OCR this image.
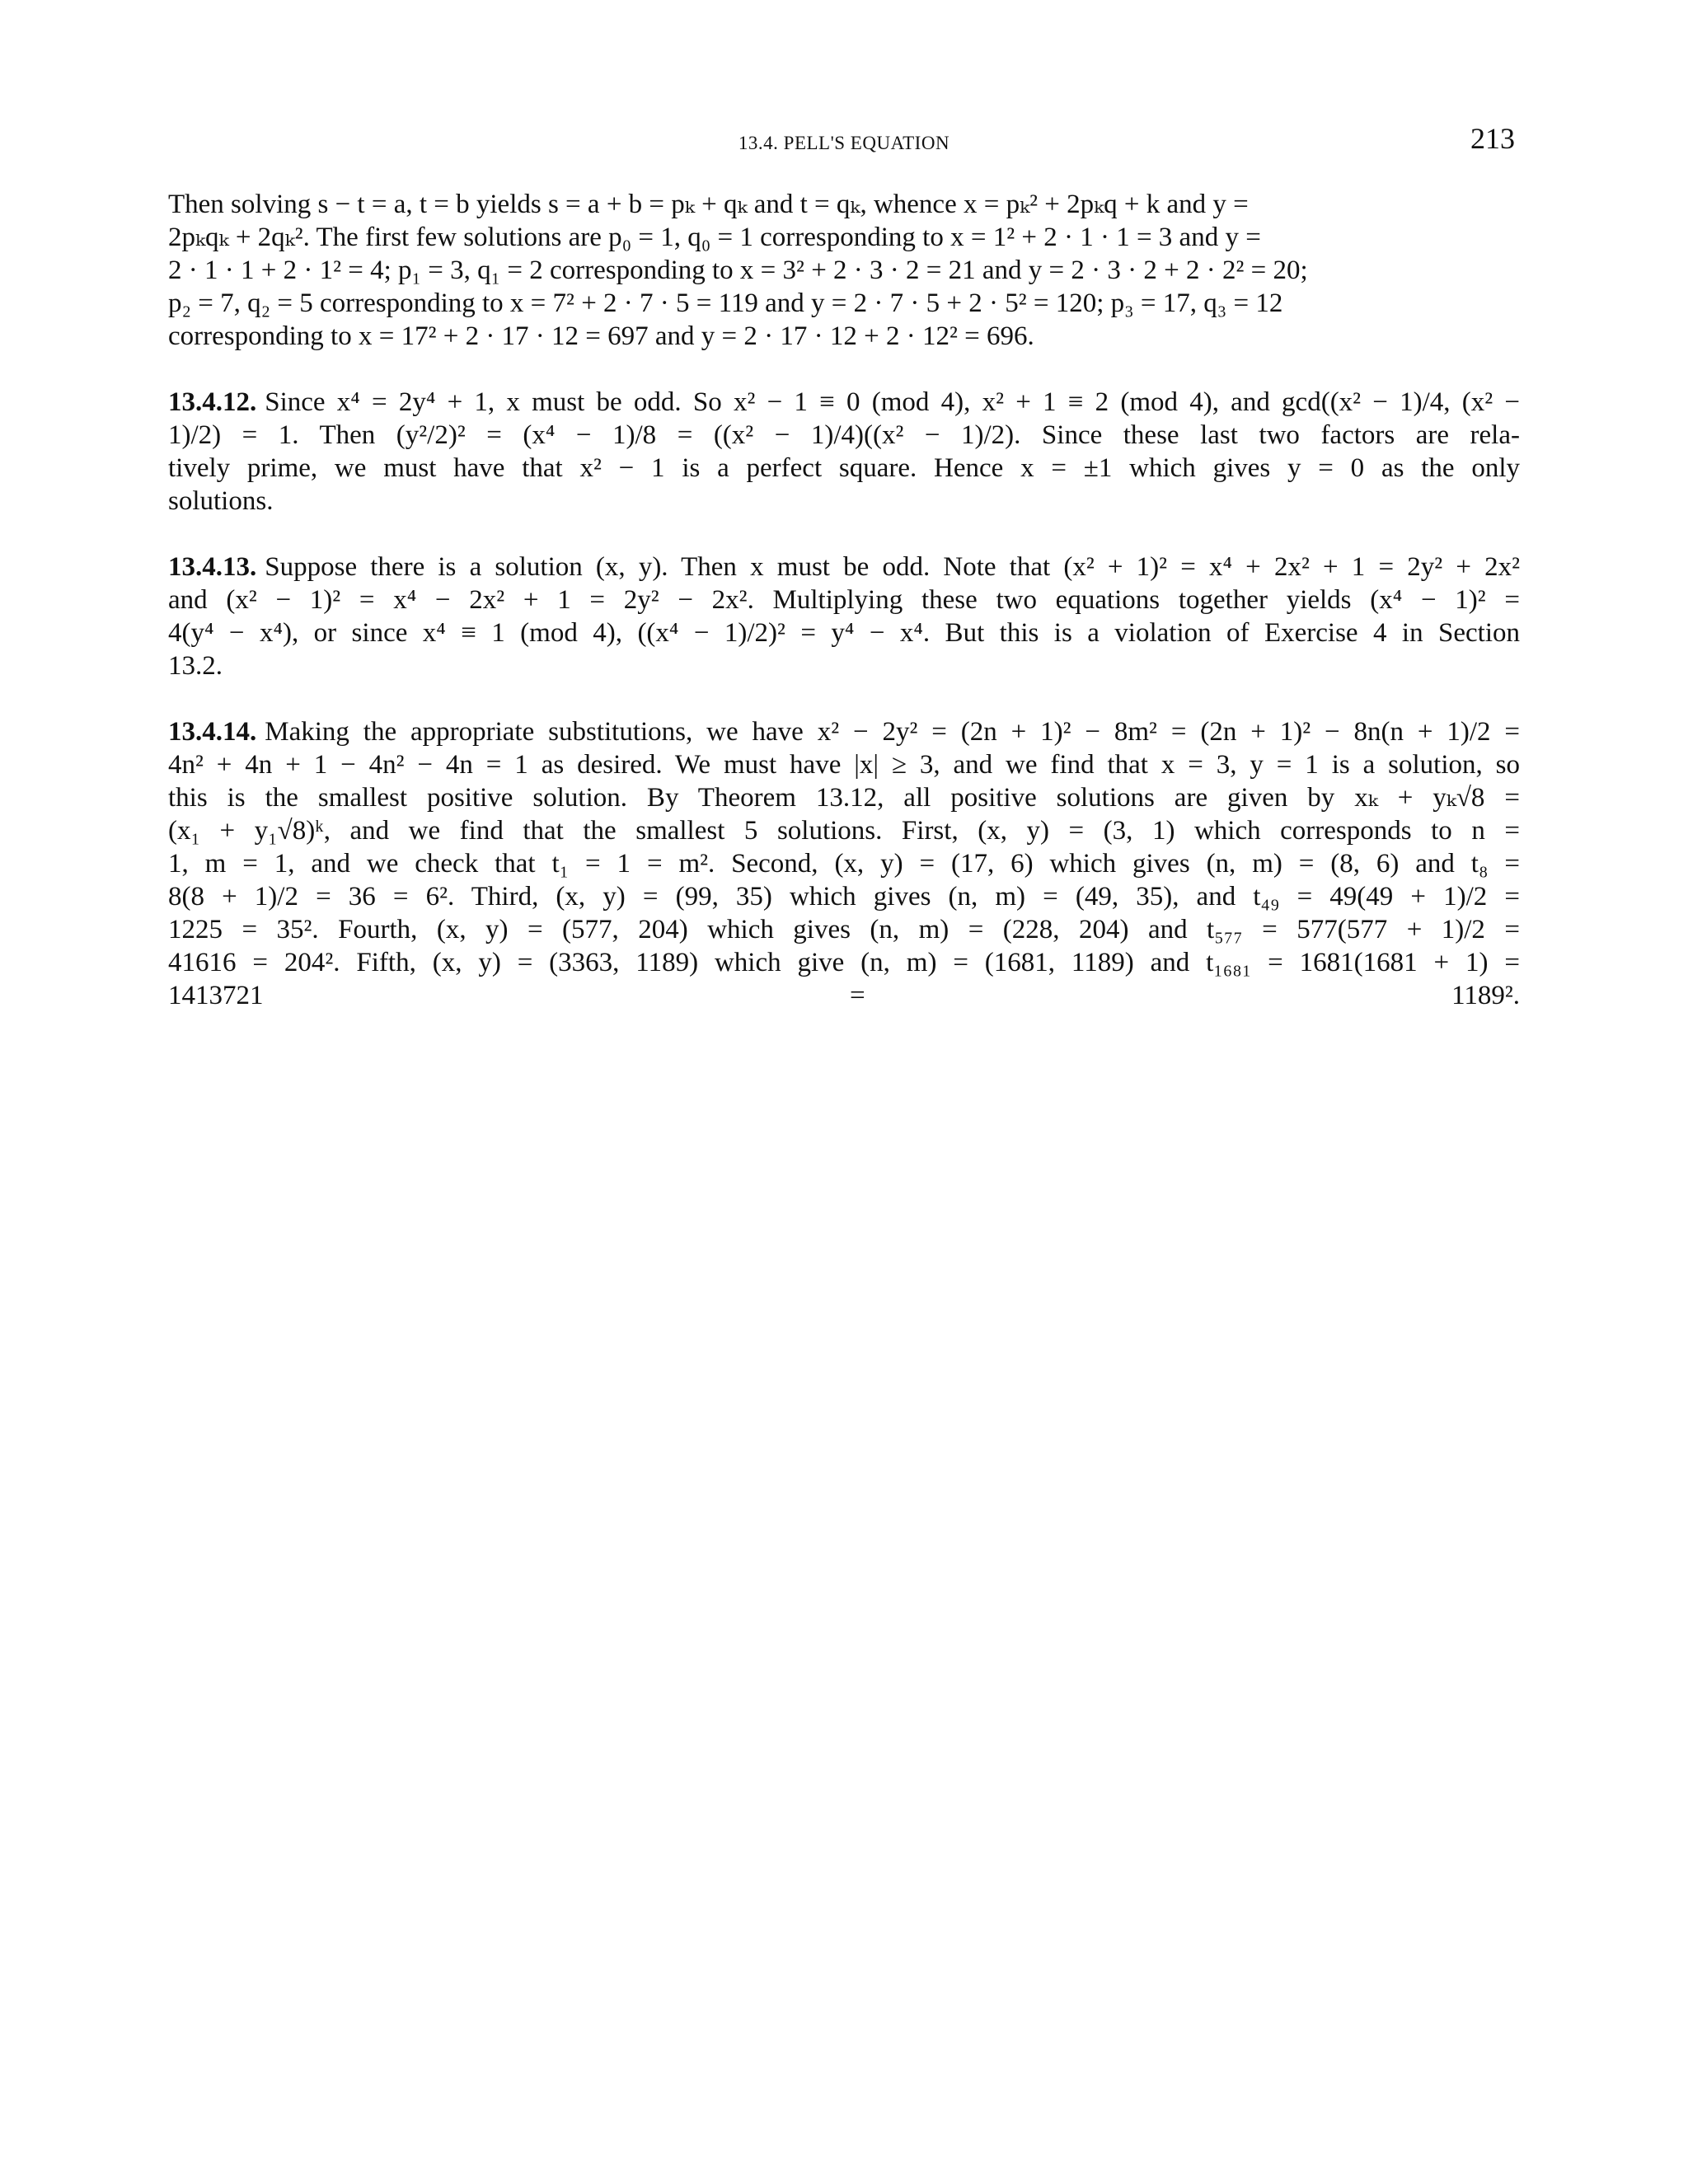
13.4. PELL'S EQUATION	213
Then solving s − t = a, t = b yields s = a + b = pₖ + qₖ and t = qₖ, whence x = pₖ² + 2pₖq + k and y =
2pₖqₖ + 2qₖ². The first few solutions are p₀ = 1, q₀ = 1 corresponding to x = 1² + 2 · 1 · 1 = 3 and y =
2 · 1 · 1 + 2 · 1² = 4; p₁ = 3, q₁ = 2 corresponding to x = 3² + 2 · 3 · 2 = 21 and y = 2 · 3 · 2 + 2 · 2² = 20;
p₂ = 7, q₂ = 5 corresponding to x = 7² + 2 · 7 · 5 = 119 and y = 2 · 7 · 5 + 2 · 5² = 120; p₃ = 17, q₃ = 12
corresponding to x = 17² + 2 · 17 · 12 = 697 and y = 2 · 17 · 12 + 2 · 12² = 696.
13.4.12. Since x⁴ = 2y⁴ + 1, x must be odd. So x² − 1 ≡ 0 (mod 4), x² + 1 ≡ 2 (mod 4), and gcd((x² − 1)/4, (x² −
1)/2) = 1. Then (y²/2)² = (x⁴ − 1)/8 = ((x² − 1)/4)((x² − 1)/2). Since these last two factors are rela-
tively prime, we must have that x² − 1 is a perfect square. Hence x = ±1 which gives y = 0 as the only
solutions.
13.4.13. Suppose there is a solution (x, y). Then x must be odd. Note that (x² + 1)² = x⁴ + 2x² + 1 = 2y² + 2x²
and (x² − 1)² = x⁴ − 2x² + 1 = 2y² − 2x². Multiplying these two equations together yields (x⁴ − 1)² =
4(y⁴ − x⁴), or since x⁴ ≡ 1 (mod 4), ((x⁴ − 1)/2)² = y⁴ − x⁴. But this is a violation of Exercise 4 in Section
13.2.
13.4.14. Making the appropriate substitutions, we have x² − 2y² = (2n + 1)² − 8m² = (2n + 1)² − 8n(n + 1)/2 =
4n² + 4n + 1 − 4n² − 4n = 1 as desired. We must have |x| ≥ 3, and we find that x = 3, y = 1 is a solution, so
this is the smallest positive solution. By Theorem 13.12, all positive solutions are given by xₖ + yₖ√8 =
(x₁ + y₁√8)ᵏ, and we find that the smallest 5 solutions. First, (x, y) = (3, 1) which corresponds to n =
1, m = 1, and we check that t₁ = 1 = m². Second, (x, y) = (17, 6) which gives (n, m) = (8, 6) and t₈ =
8(8 + 1)/2 = 36 = 6². Third, (x, y) = (99, 35) which gives (n, m) = (49, 35), and t₄₉ = 49(49 + 1)/2 =
1225 = 35². Fourth, (x, y) = (577, 204) which gives (n, m) = (228, 204) and t₅₇₇ = 577(577 + 1)/2 =
41616 = 204². Fifth, (x, y) = (3363, 1189) which give (n, m) = (1681, 1189) and t₁₆₈₁ = 1681(1681 + 1) =
1413721 = 1189².
